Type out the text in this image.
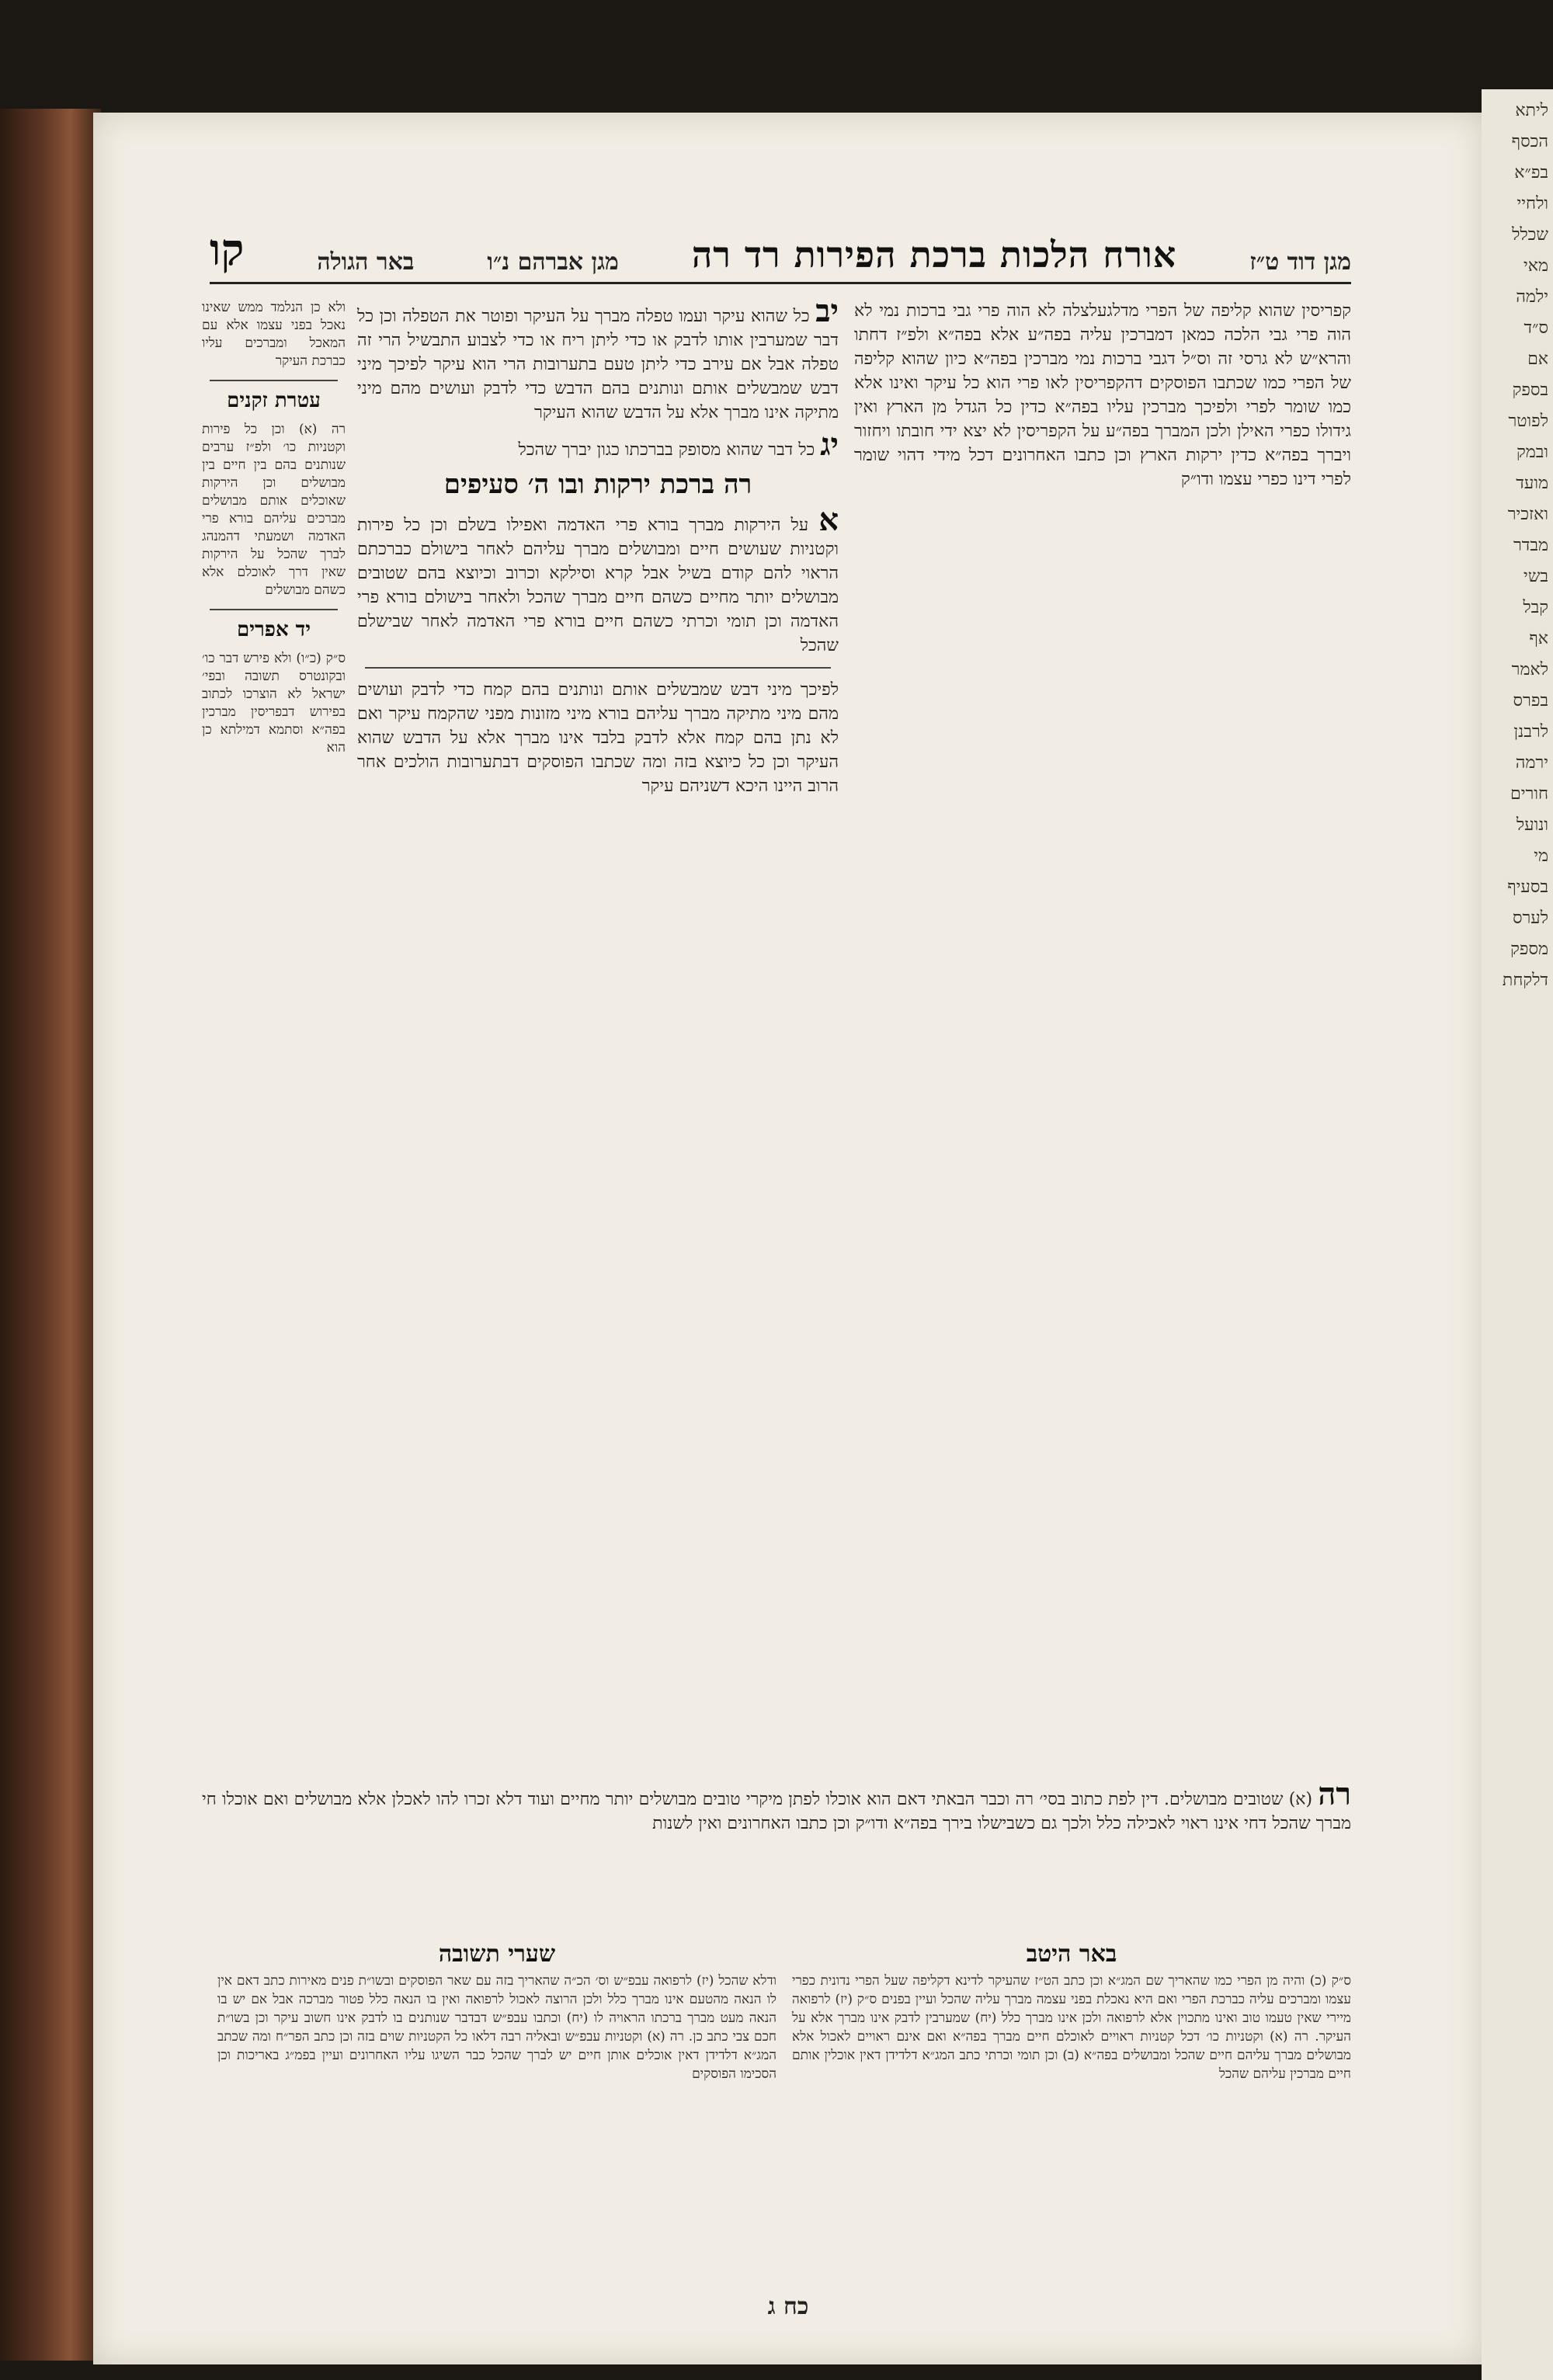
מגן דוד ט״ז
אורח הלכות ברכת הפירות רד רה
מגן אברהם נ״ו
באר הגולה
קו
קפריסין שהוא קליפה של הפרי מדלגעלצלה לא הוה פרי גבי ברכות נמי לא הוה פרי גבי הלכה כמאן דמברכין עליה בפה״ע אלא בפה״א ולפ״ז דחתו והרא״ש לא גרסי זה וס״ל דגבי ברכות נמי מברכין בפה״א כיון שהוא קליפה של הפרי כמו שכתבו הפוסקים דהקפריסין לאו פרי הוא כל עיקר ואינו אלא כמו שומר לפרי ולפיכך מברכין עליו בפה״א כדין כל הגדל מן הארץ ואין גידולו כפרי האילן ולכן המברך בפה״ע על הקפריסין לא יצא ידי חובתו ויחזור ויברך בפה״א כדין ירקות הארץ וכן כתבו האחרונים דכל מידי דהוי שומר לפרי דינו כפרי עצמו ודו״ק
יב כל שהוא עיקר ועמו טפלה מברך על העיקר ופוטר את הטפלה וכן כל דבר שמערבין אותו לדבק או כדי ליתן ריח או כדי לצבוע התבשיל הרי זה טפלה אבל אם עירב כדי ליתן טעם בתערובות הרי הוא עיקר לפיכך מיני דבש שמבשלים אותם ונותנים בהם הדבש כדי לדבק ועושים מהם מיני מתיקה אינו מברך אלא על הדבש שהוא העיקר
יג כל דבר שהוא מסופק בברכתו כגון יברך שהכל
רה ברכת ירקות ובו ה׳ סעיפים
א על הירקות מברך בורא פרי האדמה ואפילו בשלם וכן כל פירות וקטניות שעושים חיים ומבושלים מברך עליהם לאחר בישולם כברכתם הראוי להם קודם בשיל אבל קרא וסילקא וכרוב וכיוצא בהם שטובים מבושלים יותר מחיים כשהם חיים מברך שהכל ולאחר בישולם בורא פרי האדמה וכן תומי וכרתי כשהם חיים בורא פרי האדמה לאחר שבישלם שהכל
לפיכך מיני דבש שמבשלים אותם ונותנים בהם קמח כדי לדבק ועושים מהם מיני מתיקה מברך עליהם בורא מיני מזונות מפני שהקמח עיקר ואם לא נתן בהם קמח אלא לדבק בלבד אינו מברך אלא על הדבש שהוא העיקר וכן כל כיוצא בזה ומה שכתבו הפוסקים דבתערובות הולכים אחר הרוב היינו היכא דשניהם עיקר
ולא כן הנלמד ממש שאינו נאכל בפני עצמו אלא עם המאכל ומברכים עליו כברכת העיקר
עטרת זקנים
רה (א) וכן כל פירות וקטניות כו׳ ולפ״ז ערבים שנותנים בהם בין חיים בין מבושלים וכן הירקות שאוכלים אותם מבושלים מברכים עליהם בורא פרי האדמה ושמעתי דהמנהג לברך שהכל על הירקות שאין דרך לאוכלם אלא כשהם מבושלים
יד אפרים
ס״ק (כ״ו) ולא פירש דבר כו׳ ובקונטרס תשובה ובפי׳ ישראל לא הוצרכו לכתוב בפירוש דבפריסין מברכין בפה״א וסתמא דמילתא כן הוא
רה (א) שטובים מבושלים. דין לפת כתוב בסי׳ רה וכבר הבאתי דאם הוא אוכלו לפתן מיקרי טובים מבושלים יותר מחיים ועוד דלא זכרו להו לאכלן אלא מבושלים ואם אוכלו חי מברך שהכל דחי אינו ראוי לאכילה כלל ולכך גם כשבישלו בירך בפה״א ודו״ק וכן כתבו האחרונים ואין לשנות
באר היטב
ס״ק (כ) והיה מן הפרי כמו שהאריך שם המג״א וכן כתב הט״ז שהעיקר לדינא דקליפה שעל הפרי נדונית כפרי עצמו ומברכים עליה כברכת הפרי ואם היא נאכלת בפני עצמה מברך עליה שהכל ועיין בפנים ס״ק (יז) לרפואה מיירי שאין טעמו טוב ואינו מתכוין אלא לרפואה ולכן אינו מברך כלל (יח) שמערבין לדבק אינו מברך אלא על העיקר. רה (א) וקטניות כו׳ דכל קטניות ראויים לאוכלם חיים מברך בפה״א ואם אינם ראויים לאכול אלא מבושלים מברך עליהם חיים שהכל ומבושלים בפה״א (ב) וכן תומי וכרתי כתב המג״א דלדידן דאין אוכלין אותם חיים מברכין עליהם שהכל
שערי תשובה
ודלא שהכל (יז) לרפואה עבפ״ש וס׳ הכ״ה שהאריך בזה עם שאר הפוסקים ובשו״ת פנים מאירות כתב דאם אין לו הנאה מהטעם אינו מברך כלל ולכן הרוצה לאכול לרפואה ואין בו הנאה כלל פטור מברכה אבל אם יש בו הנאה מעט מברך ברכתו הראויה לו (יח) וכתבו עבפ״ש דבדבר שנותנים בו לדבק אינו חשוב עיקר וכן בשו״ת חכם צבי כתב כן. רה (א) וקטניות עבפ״ש ובאליה רבה דלאו כל הקטניות שוים בזה וכן כתב הפר״ח ומה שכתב המג״א דלדידן דאין אוכלים אותן חיים יש לברך שהכל כבר השיגו עליו האחרונים ועיין בפמ״ג באריכות וכן הסכימו הפוסקים
כח ג
ליתא
הכסף
בפ״א
ולחיי
שכלל
מאי
ילמה
ס״ד
אם
בספק
לפוטר
ובמק
מועד
ואזכיר
מבדר
בשי
קבל
אף
לאמר
בפרס
לרבנן
ירמה
חורים
ונועל
מי
בסעיף
לערס
מספק
דלקחת
